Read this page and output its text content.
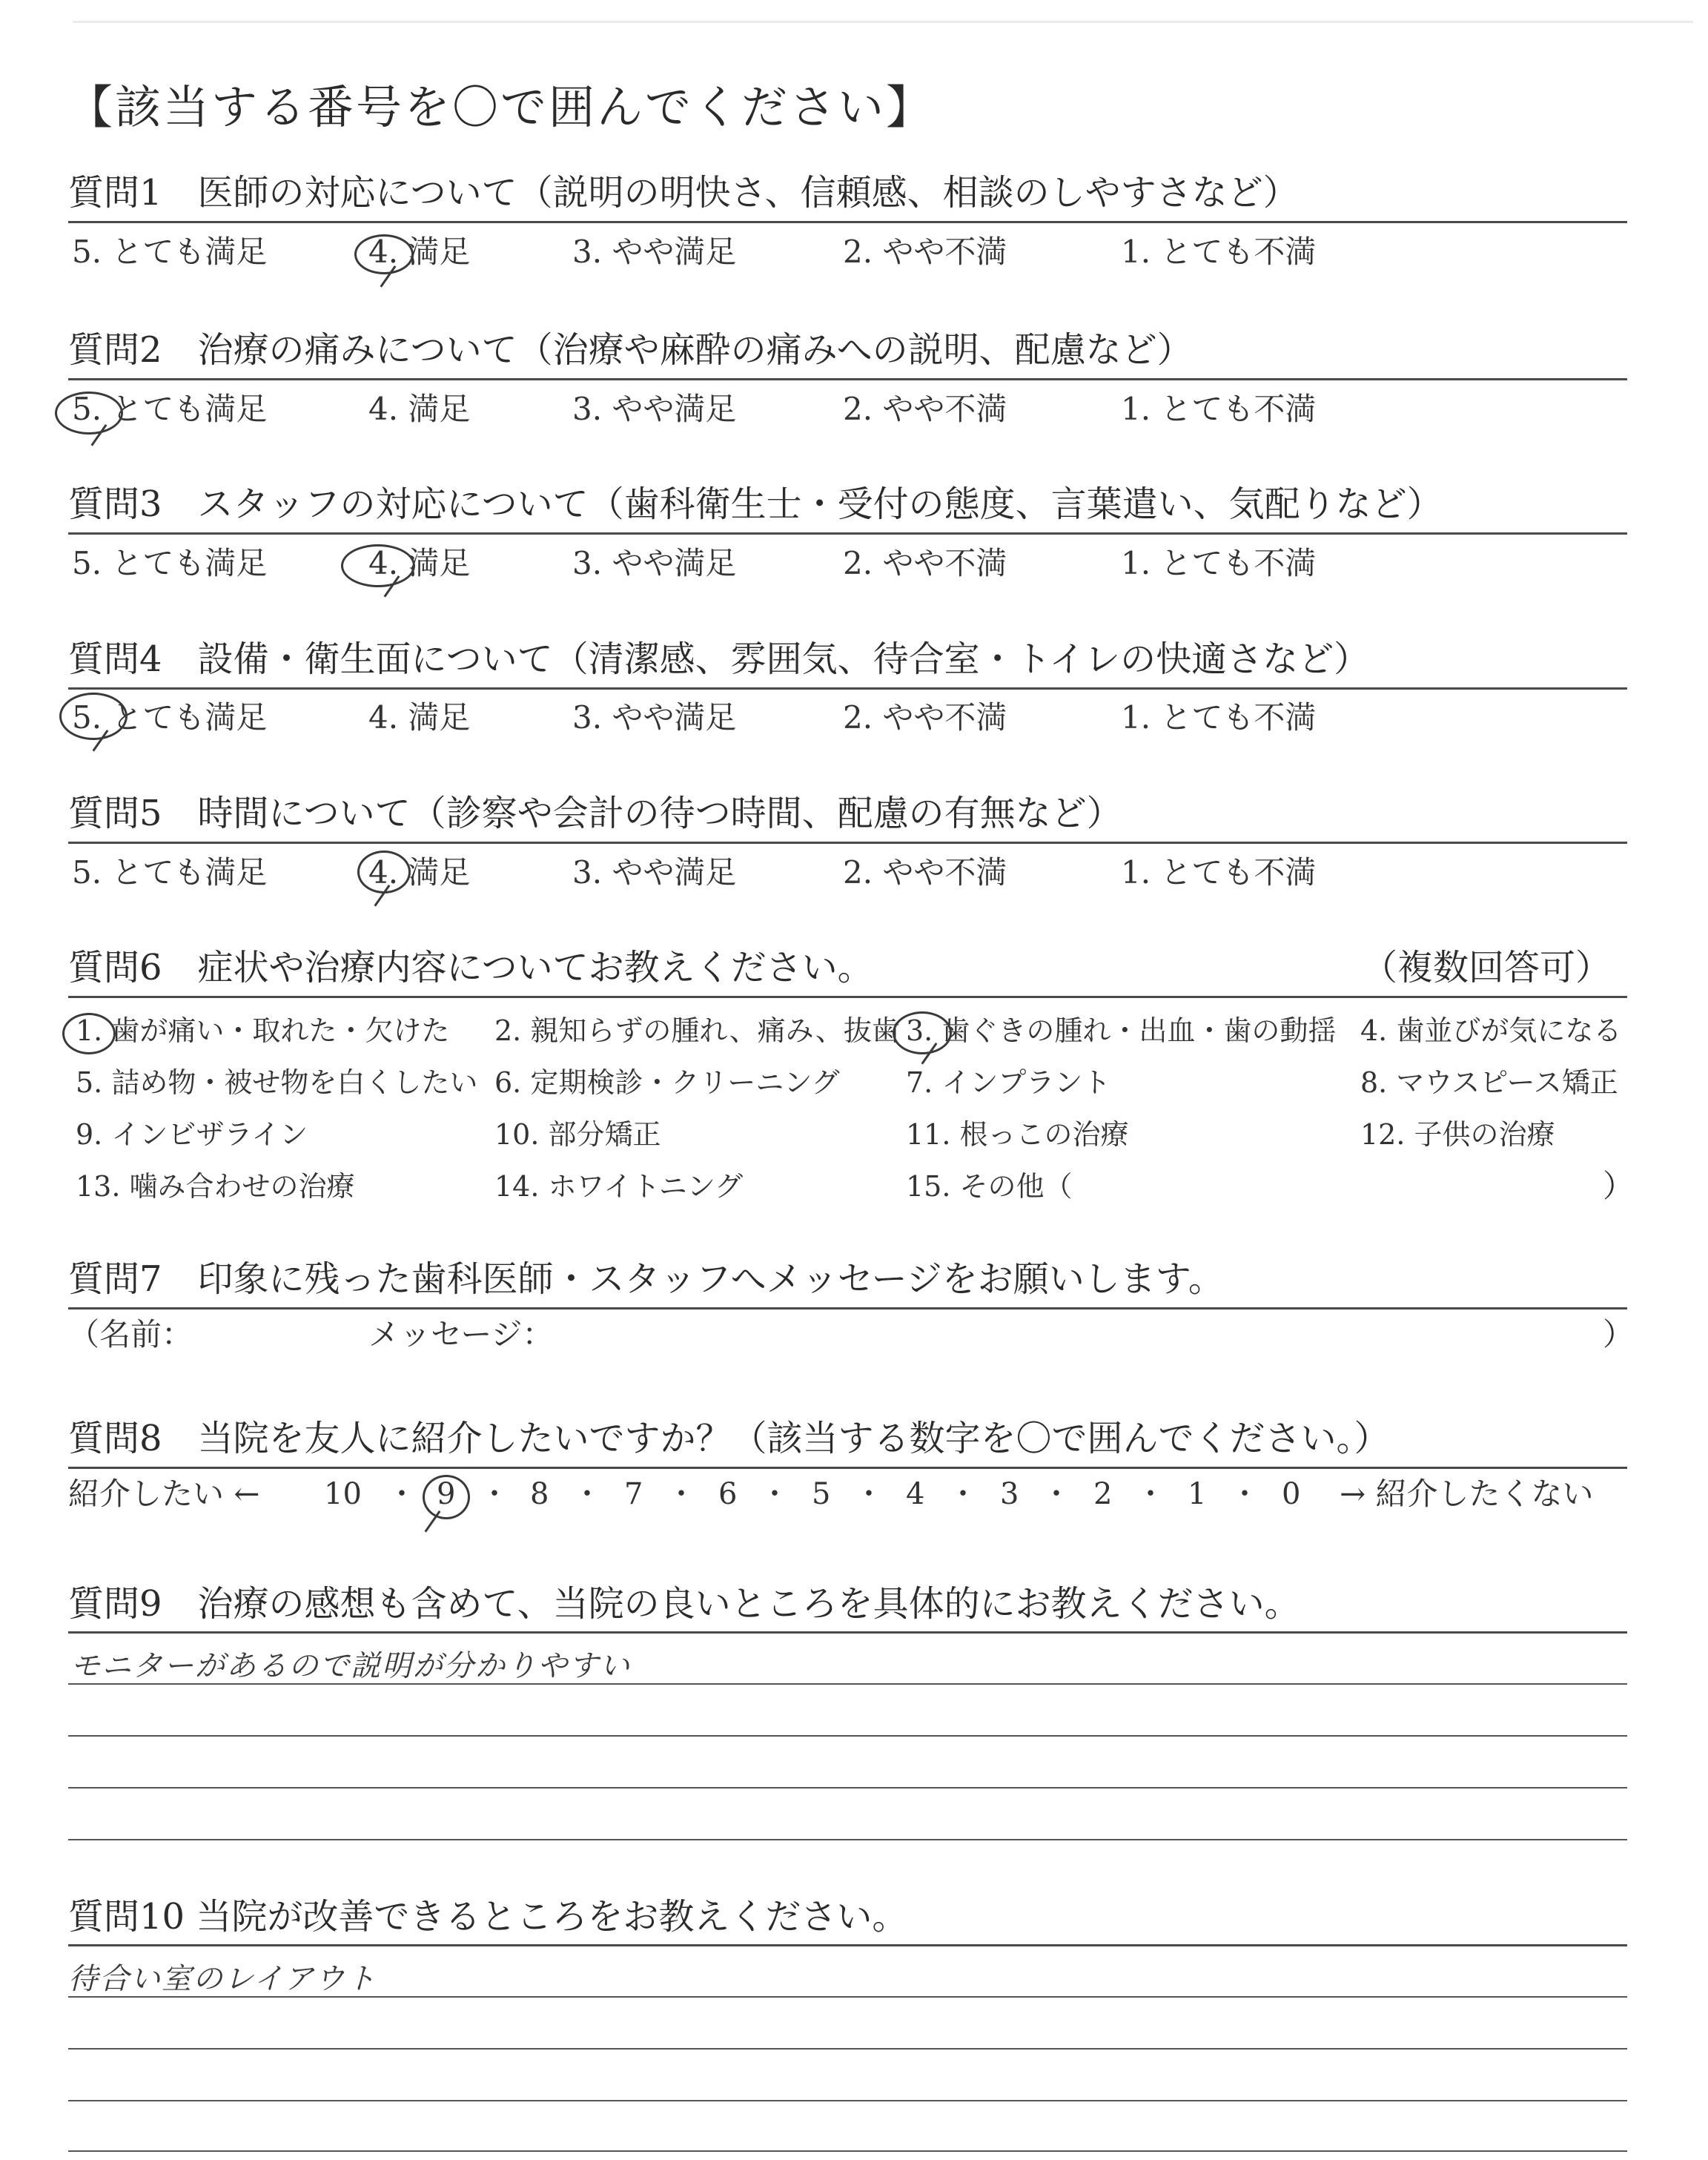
【該当する番号を〇で囲んでください】
質問1　医師の対応について（説明の明快さ、信頼感、相談のしやすさなど）
5. とても満足	4. 満足	3. やや満足	2. やや不満	1. とても不満
質問2　治療の痛みについて（治療や麻酔の痛みへの説明、配慮など）
5. とても満足	4. 満足	3. やや満足	2. やや不満	1. とても不満
質問3　スタッフの対応について（歯科衛生士・受付の態度、言葉遣い、気配りなど）
5. とても満足	4. 満足	3. やや満足	2. やや不満	1. とても不満
質問4　設備・衛生面について（清潔感、雰囲気、待合室・トイレの快適さなど）
5. とても満足	4. 満足	3. やや満足	2. やや不満	1. とても不満
質問5　時間について（診察や会計の待つ時間、配慮の有無など）
5. とても満足	4. 満足	3. やや満足	2. やや不満	1. とても不満
質問6　症状や治療内容についてお教えください。	（複数回答可）
1. 歯が痛い・取れた・欠けた 2. 親知らずの腫れ、痛み、抜歯 3. 歯ぐきの腫れ・出血・歯の動揺 4. 歯並びが気になる
5. 詰め物・被せ物を白くしたい 6. 定期検診・クリーニング 7. インプラント	8. マウスピース矯正
9. インビザライン	10. 部分矯正	11. 根っこの治療	12. 子供の治療
13. 噛み合わせの治療	14. ホワイトニング	15. その他（	）
質問7　印象に残った歯科医師・スタッフへメッセージをお願いします。
（名前：	メッセージ：	）
質問8　当院を友人に紹介したいですか？（該当する数字を〇で囲んでください。）
紹介したい ← 10 ・ 9 ・ 8 ・ 7 ・ 6 ・ 5 ・ 4 ・ 3 ・ 2 ・ 1 ・ 0 → 紹介したくない
質問9　治療の感想も含めて、当院の良いところを具体的にお教えください。
モニターがあるので説明が分かりやすい
質問10 当院が改善できるところをお教えください。
待合い室のレイアウト
